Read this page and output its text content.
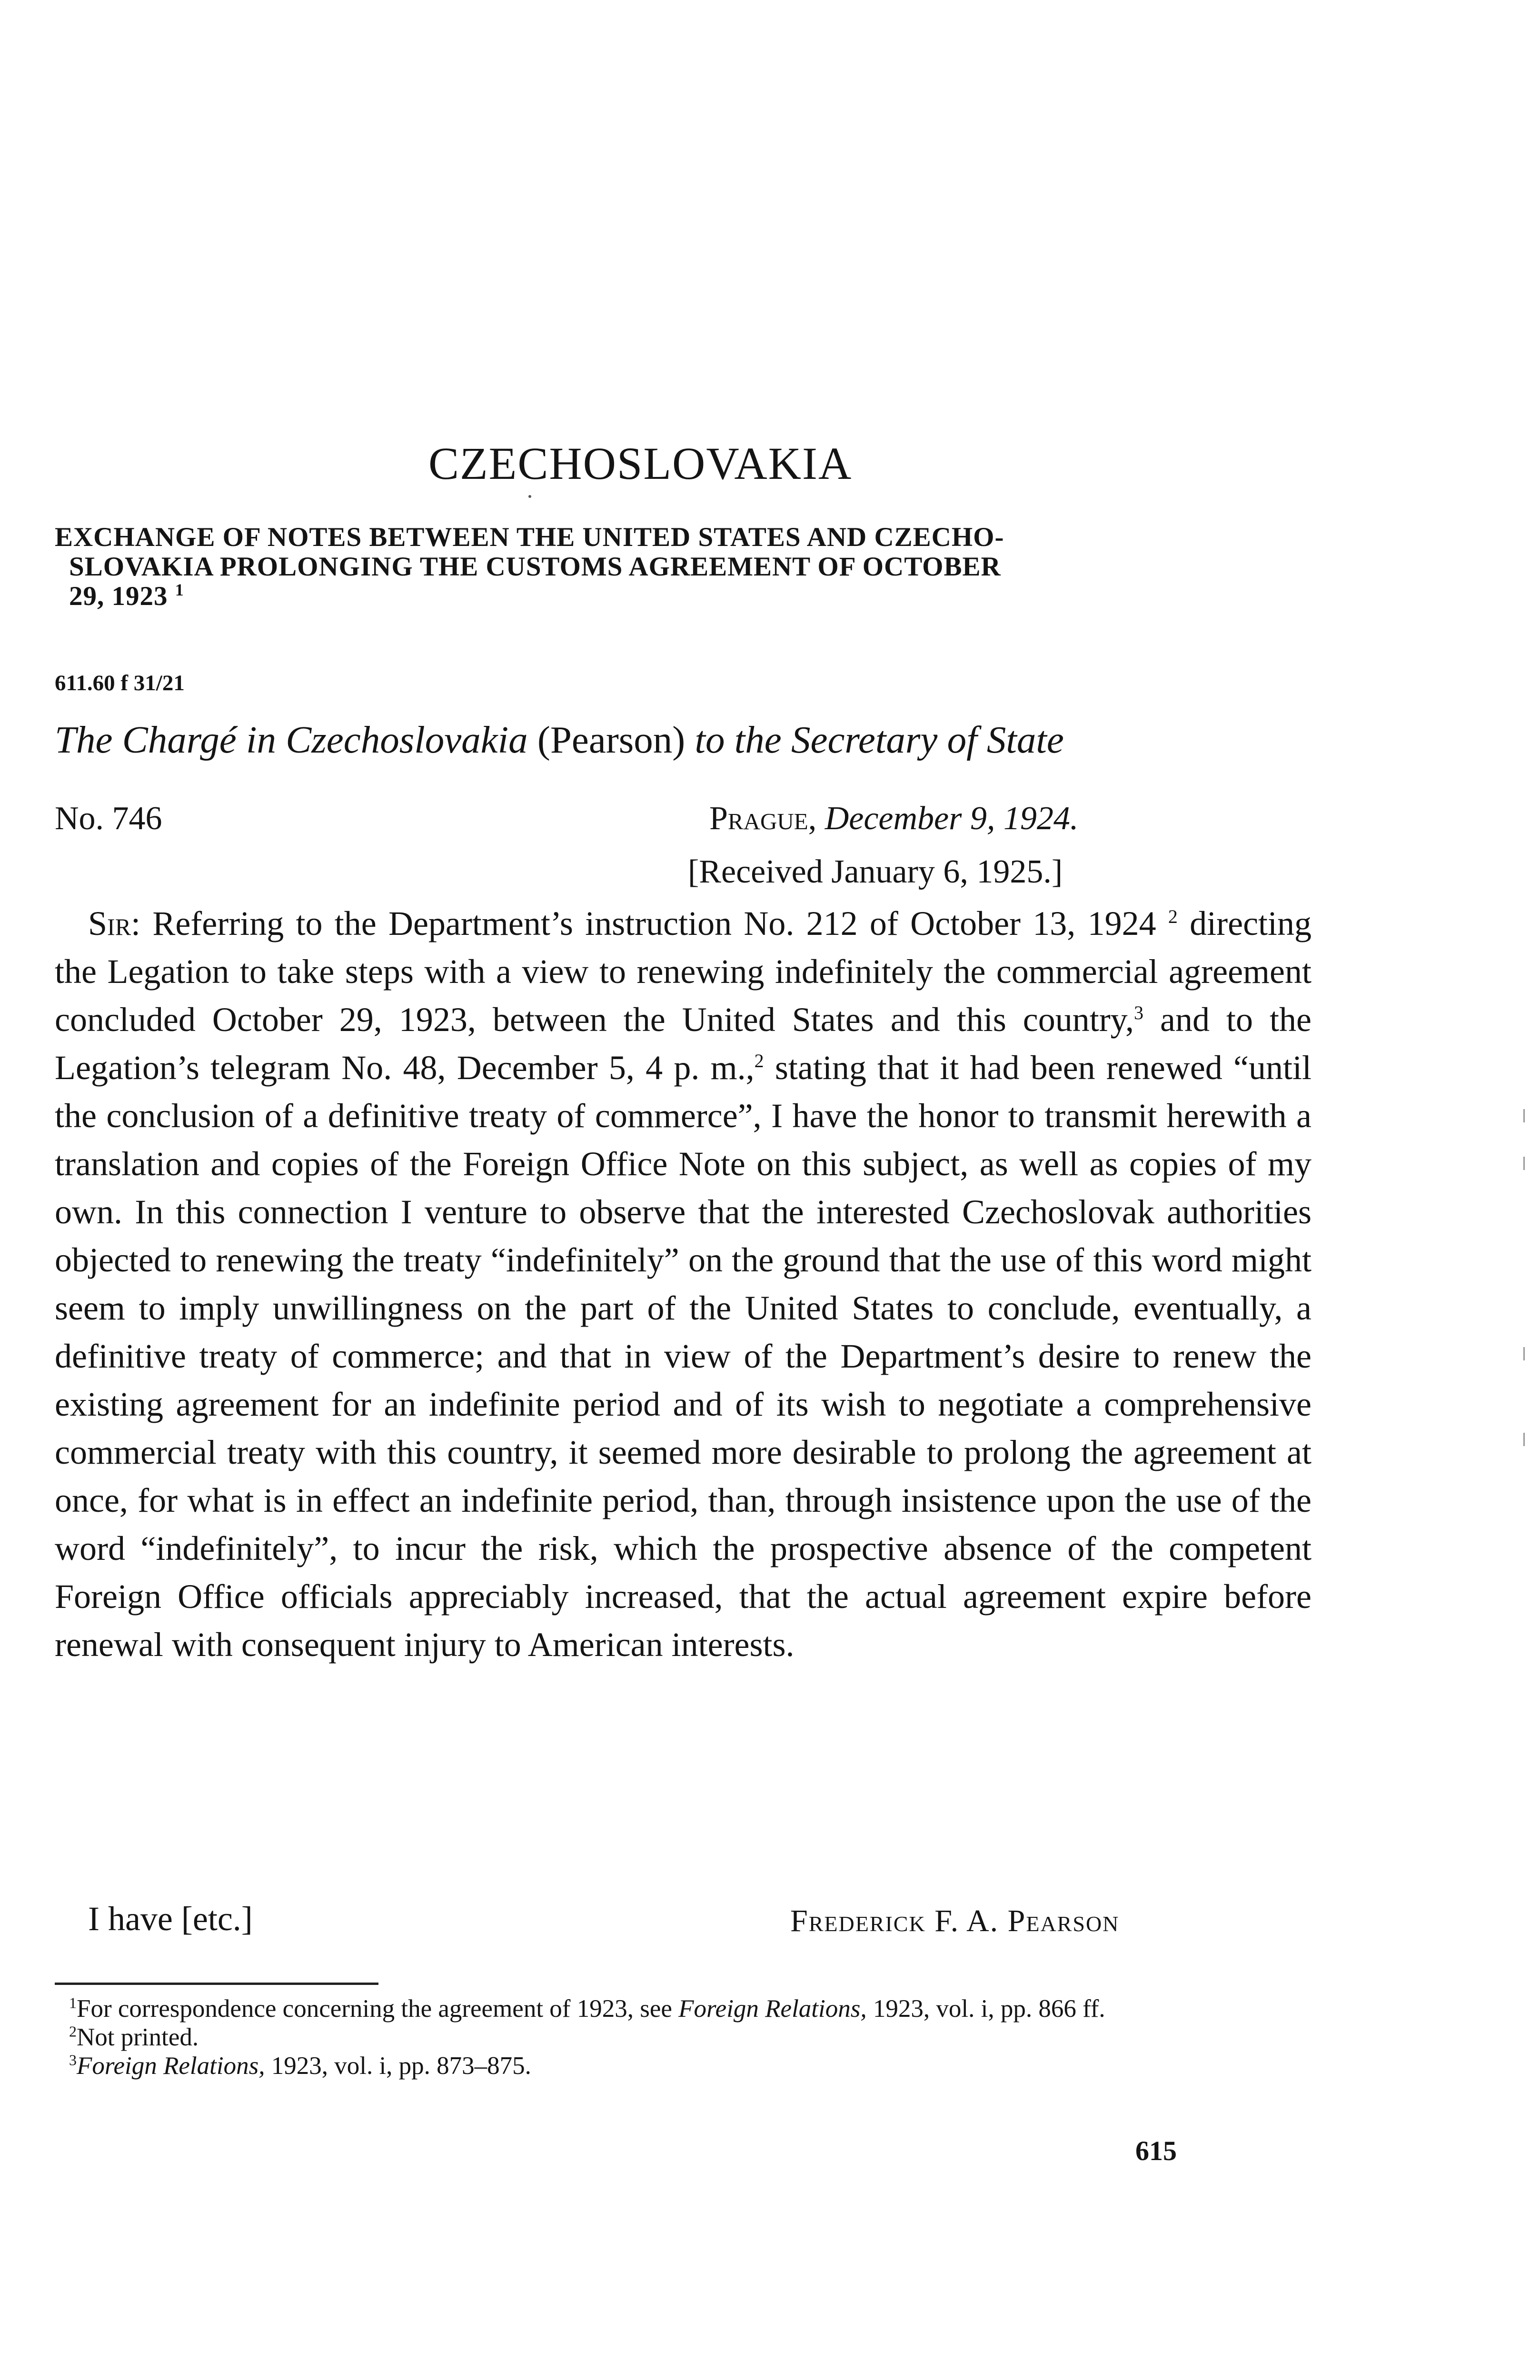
CZECHOSLOVAKIA
EXCHANGE OF NOTES BETWEEN THE UNITED STATES AND CZECHO-
SLOVAKIA PROLONGING THE CUSTOMS AGREEMENT OF OCTOBER
29, 1923 $^1$
611.60 f 31/21
The Chargé in Czechoslovakia (Pearson) to the Secretary of State
No. 746	Prague, December 9, 1924.
[Received January 6, 1925.]

Sir: Referring to the Department’s instruction No. 212 of October 13, 1924 $^2$ directing the Legation to take steps with a view to renewing indefinitely the commercial agreement concluded October 29, 1923, between the United States and this country,$^3$ and to the Legation’s telegram No. 48, December 5, 4 p. m.,$^2$ stating that it had been renewed “until the conclusion of a definitive treaty of commerce”, I have the honor to transmit herewith a translation and copies of the Foreign Office Note on this subject, as well as copies of my own. In this connection I venture to observe that the interested Czechoslovak authorities objected to renewing the treaty “indefinitely” on the ground that the use of this word might seem to imply unwillingness on the part of the United States to conclude, eventually, a definitive treaty of commerce; and that in view of the Department’s desire to renew the existing agreement for an indefinite period and of its wish to negotiate a comprehensive commercial treaty with this country, it seemed more desirable to prolong the agreement at once, for what is in effect an indefinite period, than, through insistence upon the use of the word “indefinitely”, to incur the risk, which the prospective absence of the competent Foreign Office officials appreciably increased, that the actual agreement expire before renewal with consequent injury to American interests.

I have [etc.]	Frederick F. A. Pearson
$^1$For correspondence concerning the agreement of 1923, see Foreign Relations, 1923, vol. i, pp. 866 ff.
$^2$Not printed.
$^3$Foreign Relations, 1923, vol. i, pp. 873–875.
615
